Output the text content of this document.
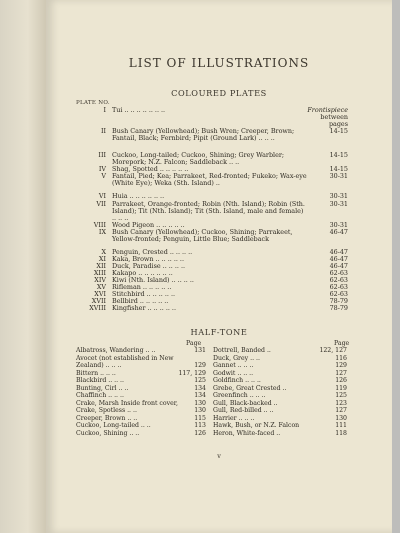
LIST OF ILLUSTRATIONS
COLOURED PLATES
PLATE NO.
I Tui .. .. .. .. .. .. ..	Frontispiece
between pages
II Bush Canary (Yellowhead); Bush Wren; Creeper, Brown; Fantail, Black; Fernbird; Pipit (Ground Lark) .. .. ..
14-15
III Cuckoo, Long-tailed; Cuckoo, Shining; Grey Warbler; Morepork; N.Z. Falcon; Saddleback .. ..
14-15
IV Shag, Spotted .. .. .. .. ..	14-15
V Fantail, Pied; Kea; Parrakeet, Red-fronted; Fukeko; Wax-eye (White Eye); Weka (Sth. Island) ..
30-31
VI Huia .. .. .. .. .. ..	30-31
VII Parrakeet, Orange-fronted; Robin (Nth. Island); Robin (Sth. Island); Tit (Nth. Island); Tit (Sth. Island, male and female) .. .. ..
30-31
VIII Wood Pigeon .. .. .. .. ..	30-31
IX Bush Canary (Yellowhead); Cuckoo, Shining; Parrakeet, Yellow-fronted; Penguin, Little Blue; Saddleback
46-47
X Penguin, Crested .. .. .. ..	46-47
XI Kaka, Brown .. .. .. .. ..	46-47
XII Duck, Paradise .. .. .. ..	46-47
XIII Kakapo .. .. .. .. .. ..	62-63
XIV Kiwi (Nth. Island) .. .. .. ..	62-63
XV Rifleman .. .. .. .. ..	62-63
XVI Stitchbird .. .. .. .. ..	62-63
XVII Bellbird .. .. .. .. ..	78-79
XVIII Kingfisher .. .. .. .. ..	78-79
HALF-TONE
Page	Page
Albatross, Wandering .. ..	131
Avocet (not established in New
Zealand) .. .. ..	129
Bittern .. .. ..	117, 129
Blackbird .. .. ..	125
Bunting, Cirl .. ..	134
Chaffinch .. .. ..	134
Crake, Marsh Inside front cover,	130
Crake, Spotless .. ..	130
Creeper, Brown .. ..	115
Cuckoo, Long-tailed .. ..	113
Cuckoo, Shining .. ..	126
Dottrell, Banded ..	122, 127
Duck, Grey .. ..	116
Gannet .. .. ..	129
Godwit .. .. ..	127
Goldfinch .. .. ..	126
Grebe, Great Crested ..	119
Greenfinch .. .. ..	125
Gull, Black-backed ..	123
Gull, Red-billed .. ..	127
Harrier .. .. ..	130
Hawk, Bush, or N.Z. Falcon	111
Heron, White-faced ..	118
v
